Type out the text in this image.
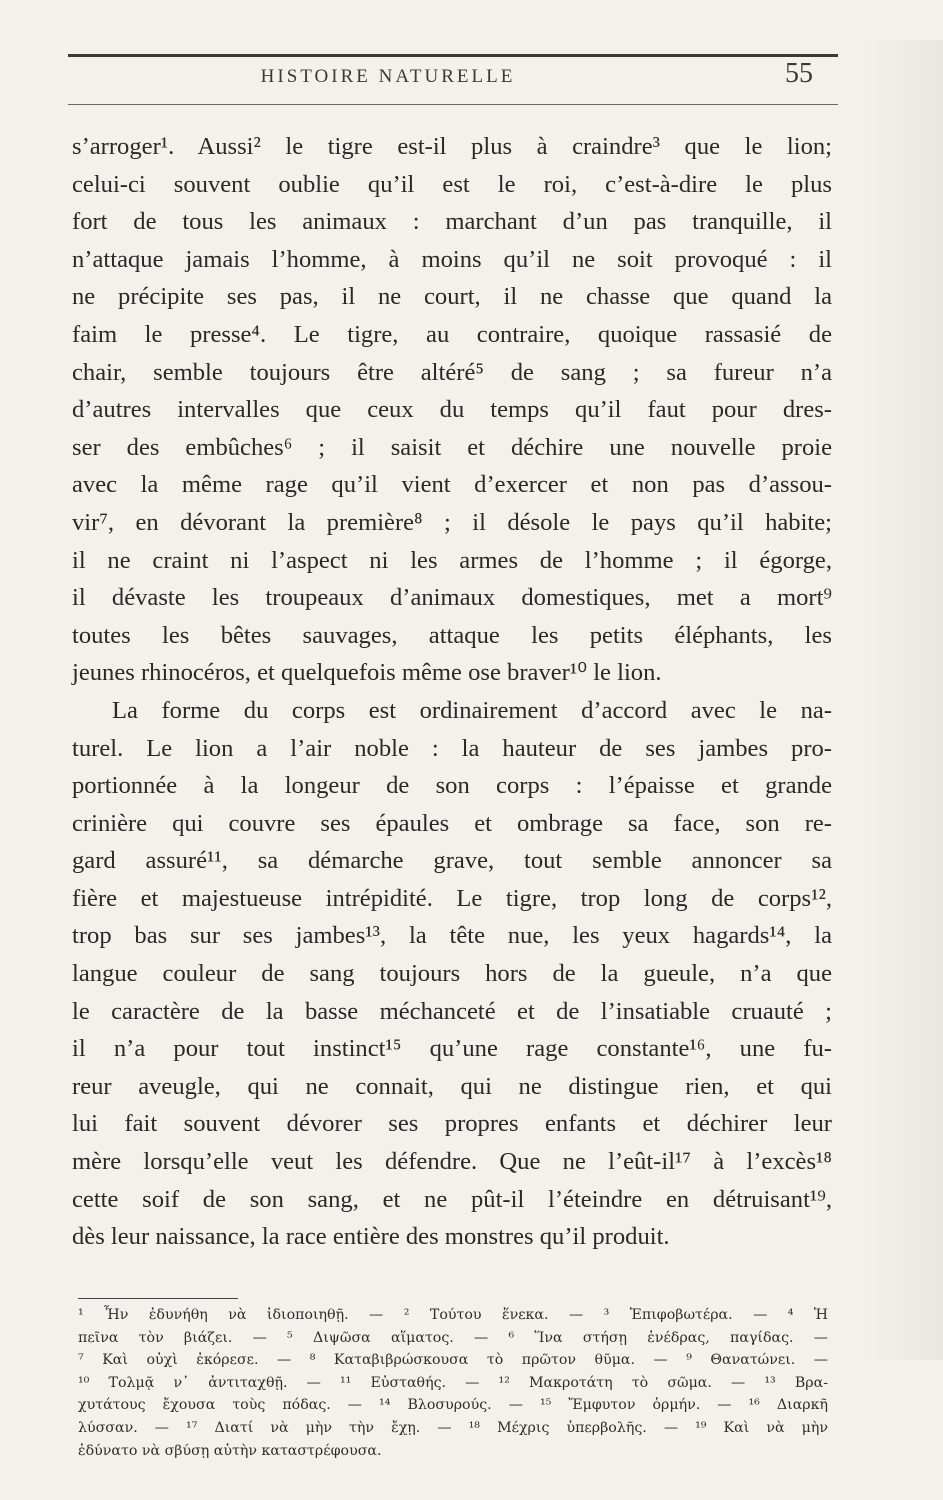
HISTOIRE NATURELLE	55
s’arroger¹. Aussi² le tigre est-il plus à craindre³ que le lion;
celui-ci souvent oublie qu’il est le roi, c’est-à-dire le plus
fort de tous les animaux : marchant d’un pas tranquille, il
n’attaque jamais l’homme, à moins qu’il ne soit provoqué : il
ne précipite ses pas, il ne court, il ne chasse que quand la
faim le presse⁴. Le tigre, au contraire, quoique rassasié de
chair, semble toujours être altéré⁵ de sang ; sa fureur n’a
d’autres intervalles que ceux du temps qu’il faut pour dres-
ser des embûches⁶ ; il saisit et déchire une nouvelle proie
avec la même rage qu’il vient d’exercer et non pas d’assou-
vir⁷, en dévorant la première⁸ ; il désole le pays qu’il habite;
il ne craint ni l’aspect ni les armes de l’homme ; il égorge,
il dévaste les troupeaux d’animaux domestiques, met a mort⁹
toutes les bêtes sauvages, attaque les petits éléphants, les
jeunes rhinocéros, et quelquefois même ose braver¹⁰ le lion.
La forme du corps est ordinairement d’accord avec le na-
turel. Le lion a l’air noble : la hauteur de ses jambes pro-
portionnée à la longeur de son corps : l’épaisse et grande
crinière qui couvre ses épaules et ombrage sa face, son re-
gard assuré¹¹, sa démarche grave, tout semble annoncer sa
fière et majestueuse intrépidité. Le tigre, trop long de corps¹²,
trop bas sur ses jambes¹³, la tête nue, les yeux hagards¹⁴, la
langue couleur de sang toujours hors de la gueule, n’a que
le caractère de la basse méchanceté et de l’insatiable cruauté ;
il n’a pour tout instinct¹⁵ qu’une rage constante¹⁶, une fu-
reur aveugle, qui ne connait, qui ne distingue rien, et qui
lui fait souvent dévorer ses propres enfants et déchirer leur
mère lorsqu’elle veut les défendre. Que ne l’eût-il¹⁷ à l’excès¹⁸
cette soif de son sang, et ne pût-il l’éteindre en détruisant¹⁹,
dès leur naissance, la race entière des monstres qu’il produit.
¹ Ἦν ἐδυνήθη νὰ ἰδιοποιηθῇ. — ² Τούτου ἕνεκα. — ³ Ἐπιφοβωτέρα. — ⁴ Ἡ
πεῖνα τὸν βιάζει. — ⁵ Διψῶσα αἵματος. — ⁶ Ἵνα στήσῃ ἐνέδρας, παγίδας. —
⁷ Καὶ οὐχὶ ἐκόρεσε. — ⁸ Καταβιβρώσκουσα τὸ πρῶτον θῦμα. — ⁹ Θανατώνει. —
¹⁰ Τολμᾷ ν᾽ ἀντιταχθῇ. — ¹¹ Εὐσταθής. — ¹² Μακροτάτη τὸ σῶμα. — ¹³ Βρα-
χυτάτους ἔχουσα τοὺς πόδας. — ¹⁴ Βλοσυρούς. — ¹⁵ Ἔμφυτον ὁρμήν. — ¹⁶ Διαρκῆ
λύσσαν. — ¹⁷ Διατί νὰ μὴν τὴν ἔχῃ. — ¹⁸ Μέχρις ὑπερβολῆς. — ¹⁹ Καὶ νὰ μὴν
ἐδύνατο νὰ σβύσῃ αὐτὴν καταστρέφουσα.
